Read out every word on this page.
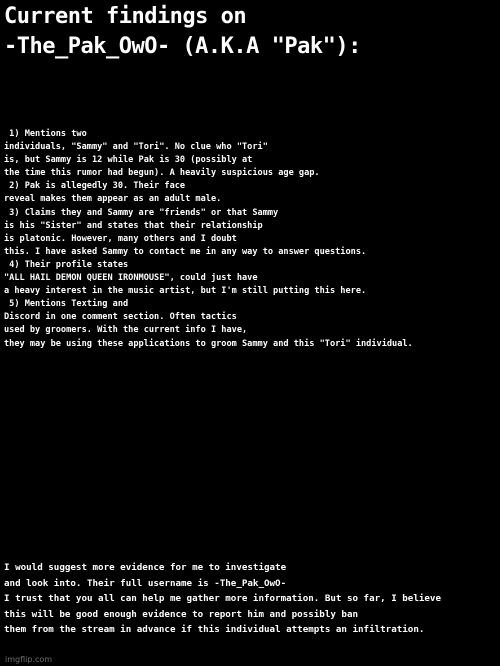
Current findings on
-The_Pak_OwO- (A.K.A "Pak"):
1) Mentions two
individuals, "Sammy" and "Tori". No clue who "Tori"
is, but Sammy is 12 while Pak is 30 (possibly at
the time this rumor had begun). A heavily suspicious age gap.
2) Pak is allegedly 30. Their face
reveal makes them appear as an adult male.
3) Claims they and Sammy are "friends" or that Sammy
is his "Sister" and states that their relationship
is platonic. However, many others and I doubt
this. I have asked Sammy to contact me in any way to answer questions.
4) Their profile states
"ALL HAIL DEMON QUEEN IRONMOUSE", could just have
a heavy interest in the music artist, but I'm still putting this here.
5) Mentions Texting and
Discord in one comment section. Often tactics
used by groomers. With the current info I have,
they may be using these applications to groom Sammy and this "Tori" individual.
I would suggest more evidence for me to investigate
and look into. Their full username is -The_Pak_OwO-
I trust that you all can help me gather more information. But so far, I believe
this will be good enough evidence to report him and possibly ban
them from the stream in advance if this individual attempts an infiltration.
imgflip.com
